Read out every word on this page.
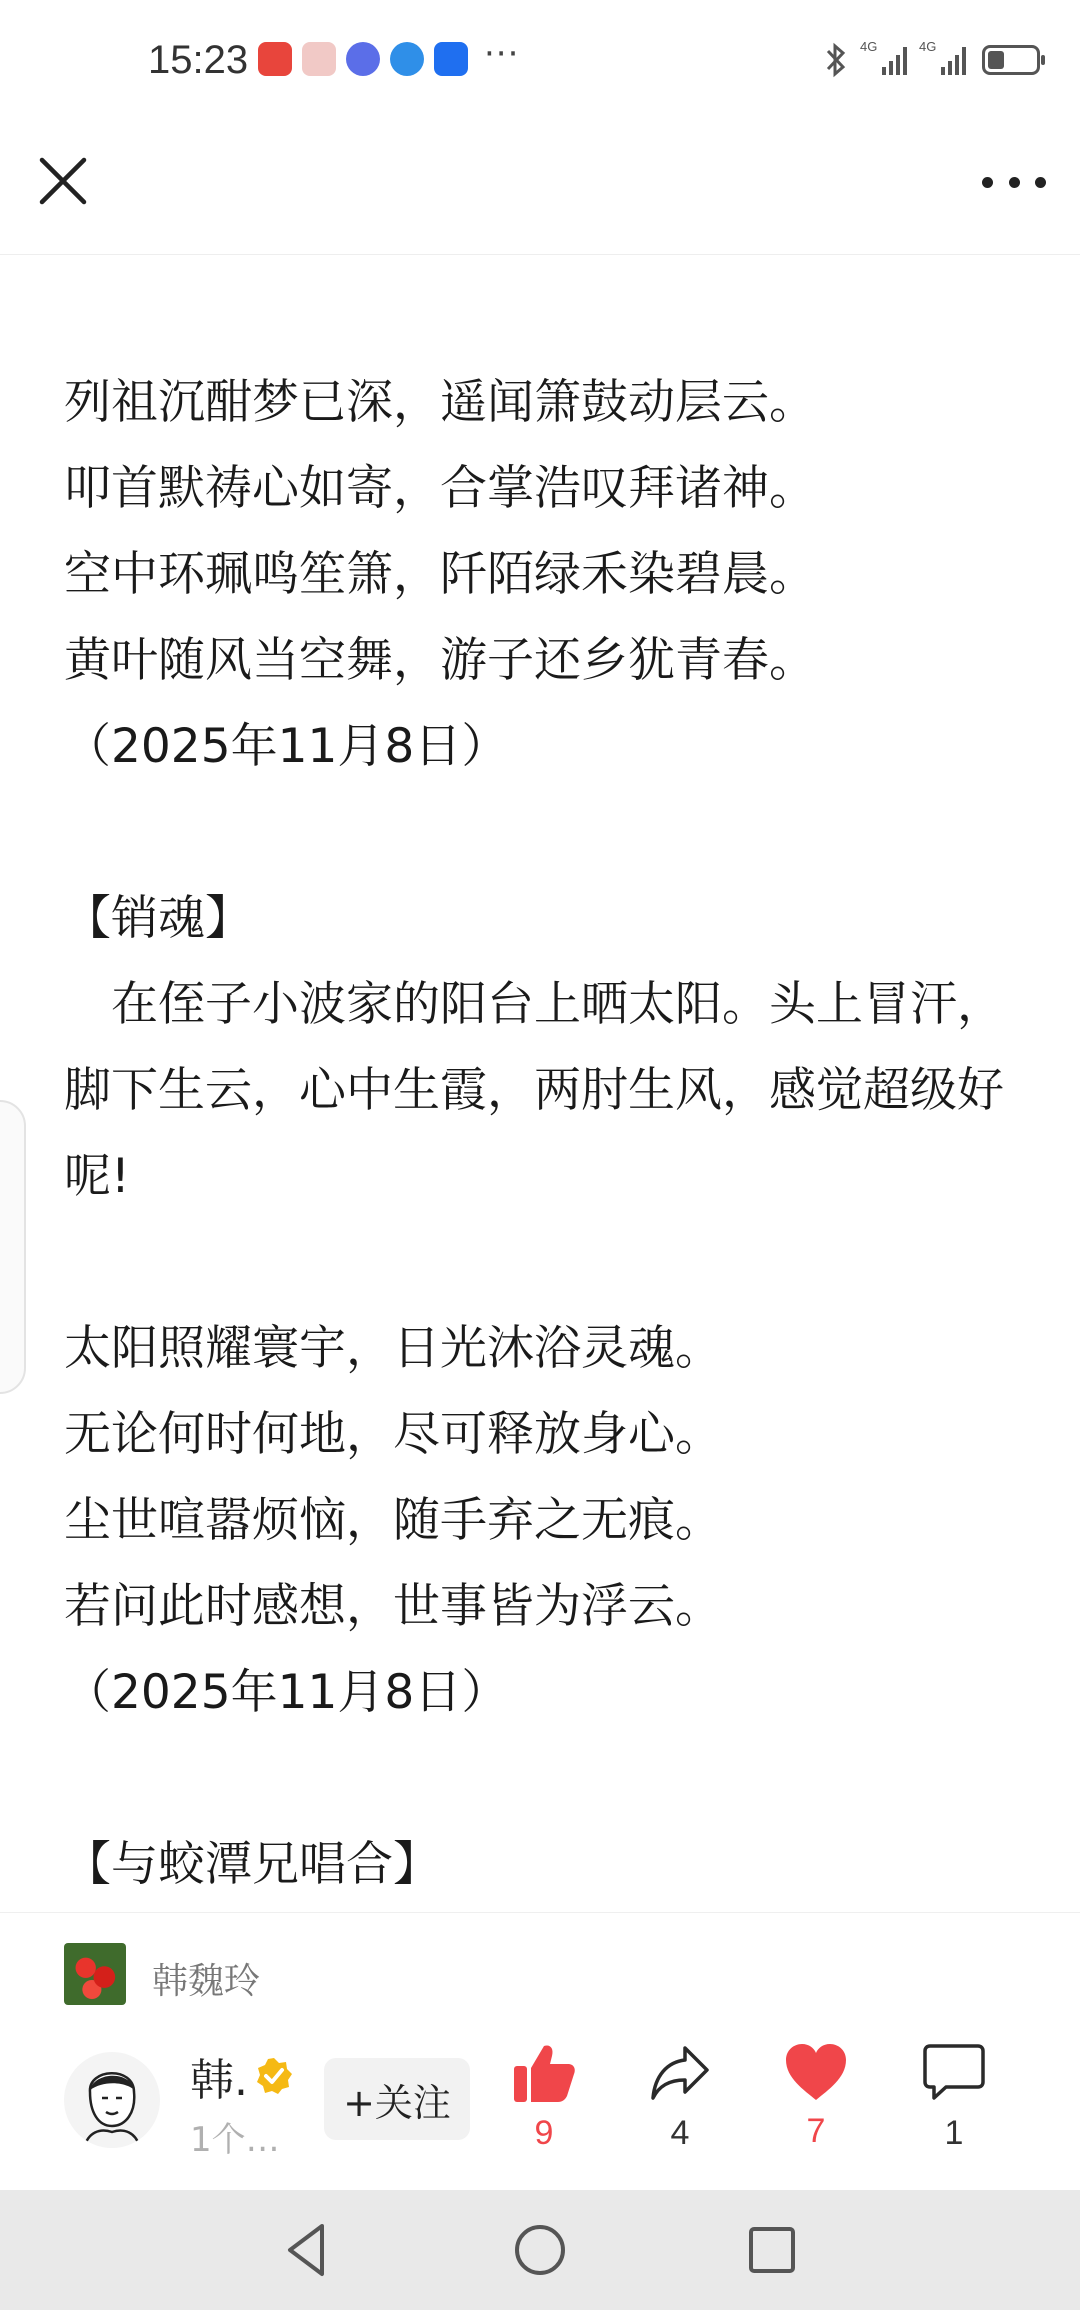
15:23	···	4G	4G
列祖沉酣梦已深，遥闻箫鼓动层云。
叩首默祷心如寄，合掌浩叹拜诸神。
空中环珮鸣笙箫，阡陌绿禾染碧晨。
黄叶随风当空舞，游子还乡犹青春。
（2025年11月8日）
【销魂】
在侄子小波家的阳台上晒太阳。头上冒汗，脚下生云，心中生霞，两肘生风，感觉超级好呢!
太阳照耀寰宇，日光沐浴灵魂。
无论何时何地，尽可释放身心。
尘世喧嚣烦恼，随手弃之无痕。
若问此时感想，世事皆为浮云。
（2025年11月8日）
【与蛟潭兄唱合】
韩魏玲
韩.
1个…
+关注
9	4	7	1
